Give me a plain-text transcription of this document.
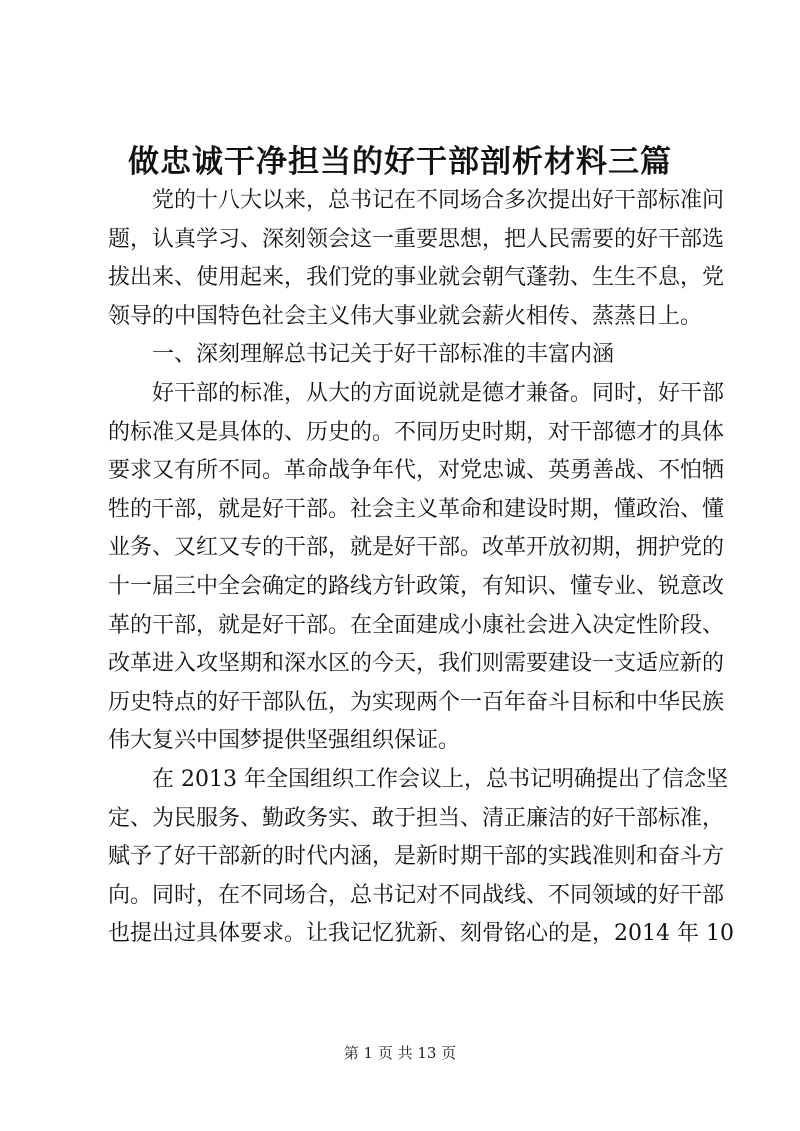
做忠诚干净担当的好干部剖析材料三篇
党的十八大以来，总书记在不同场合多次提出好干部标准问
题，认真学习、深刻领会这一重要思想，把人民需要的好干部选
拔出来、使用起来，我们党的事业就会朝气蓬勃、生生不息，党
领导的中国特色社会主义伟大事业就会薪火相传、蒸蒸日上。
一、深刻理解总书记关于好干部标准的丰富内涵
好干部的标准，从大的方面说就是德才兼备。同时，好干部
的标准又是具体的、历史的。不同历史时期，对干部德才的具体
要求又有所不同。革命战争年代，对党忠诚、英勇善战、不怕牺
牲的干部，就是好干部。社会主义革命和建设时期，懂政治、懂
业务、又红又专的干部，就是好干部。改革开放初期，拥护党的
十一届三中全会确定的路线方针政策，有知识、懂专业、锐意改
革的干部，就是好干部。在全面建成小康社会进入决定性阶段、
改革进入攻坚期和深水区的今天，我们则需要建设一支适应新的
历史特点的好干部队伍，为实现两个一百年奋斗目标和中华民族
伟大复兴中国梦提供坚强组织保证。
在 2013 年全国组织工作会议上，总书记明确提出了信念坚
定、为民服务、勤政务实、敢于担当、清正廉洁的好干部标准，
赋予了好干部新的时代内涵，是新时期干部的实践准则和奋斗方
向。同时，在不同场合，总书记对不同战线、不同领域的好干部
也提出过具体要求。让我记忆犹新、刻骨铭心的是，2014 年 10
第 1 页 共 13 页
